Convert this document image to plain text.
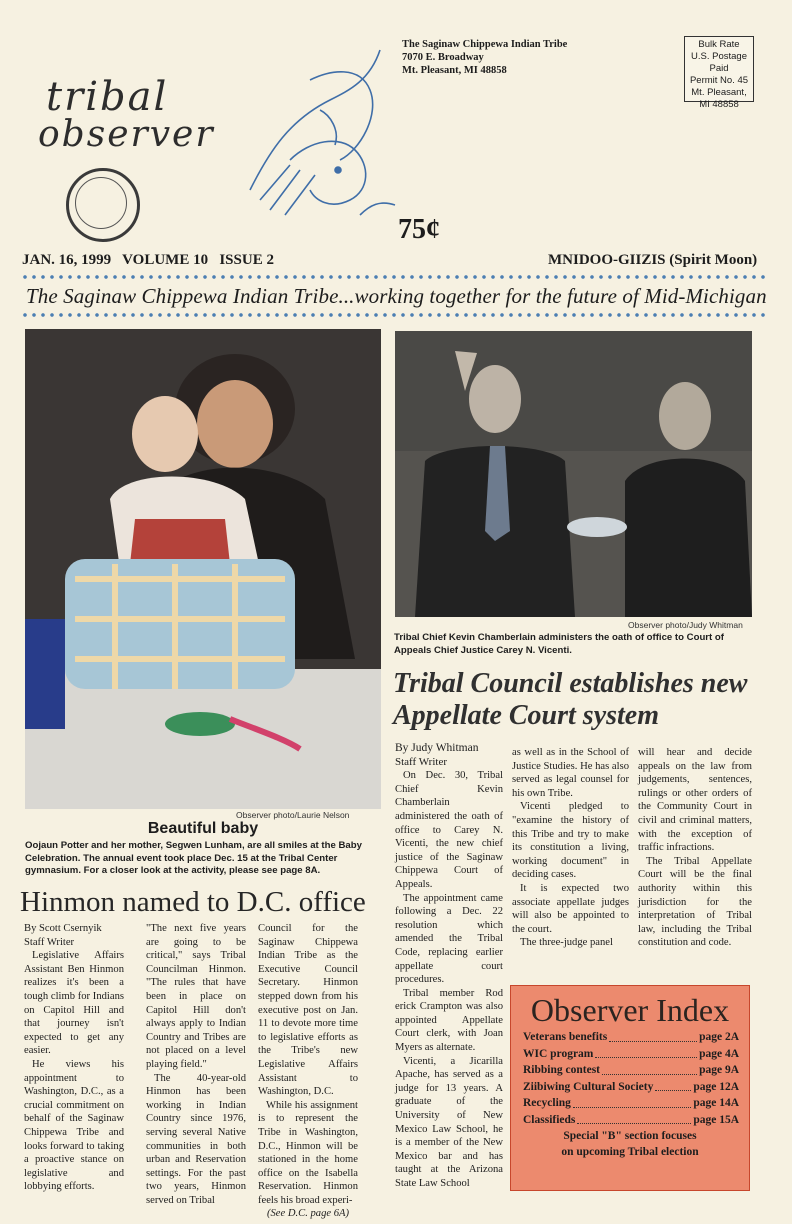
tribal
observer
The Saginaw Chippewa Indian Tribe
7070 E. Broadway
Mt. Pleasant, MI 48858
Bulk Rate
U.S. Postage
Paid
Permit No. 45
Mt. Pleasant,
MI 48858
75¢
JAN. 16, 1999   VOLUME 10   ISSUE 2	MNIDOO-GIIZIS (Spirit Moon)
The Saginaw Chippewa Indian Tribe...working together for the future of Mid-Michigan
Observer photo/Laurie Nelson
Beautiful baby
Oojaun Potter and her mother, Segwen Lunham, are all smiles at the Baby Celebration. The annual event took place Dec. 15 at the Tribal Center gymnasium. For a closer look at the activity, please see page 8A.
Observer photo/Judy Whitman
Tribal Chief Kevin Chamberlain administers the oath of office to Court of Appeals Chief Justice Carey N. Vicenti.
Tribal Council establishes new Appellate Court system

By Judy Whitman

Staff Writer

On Dec. 30, Tribal Chief Kevin Chamberlain administered the oath of office to Carey N. Vicenti, the new chief justice of the Saginaw Chippewa Court of Appeals.

The appointment came following a Dec. 22 resolution which amended the Tribal Code, replacing earlier appellate court procedures.

Tribal member Rod erick Crampton was also appointed Appellate Court clerk, with Joan Myers as alternate.

Vicenti, a Jicarilla Apache, has served as a judge for 13 years. A graduate of the University of New Mexico Law School, he is a member of the New Mexico bar and has taught at the Arizona State Law School

as well as in the School of Justice Studies. He has also served as legal counsel for his own Tribe.

Vicenti pledged to "examine the history of this Tribe and try to make its constitution a living, working document" in deciding cases.

It is expected two associate appellate judges will also be appointed to the court.

The three-judge panel

will hear and decide appeals on the law from judgements, sentences, rulings or other orders of the Community Court in civil and criminal matters, with the exception of traffic infractions.

The Tribal Appellate Court will be the final authority within this jurisdiction for the interpretation of Tribal law, including the Tribal constitution and code.

Hinmon named to D.C. office

By Scott Csernyik

Staff Writer

Legislative Affairs Assistant Ben Hinmon realizes it's been a tough climb for Indians on Capitol Hill and that journey isn't expected to get any easier.

He views his appointment to Washington, D.C., as a crucial commitment on behalf of the Saginaw Chippewa Tribe and looks forward to taking a proactive stance on legislative and lobbying efforts.

"The next five years are going to be critical," says Tribal Councilman Hinmon. "The rules that have been in place on Capitol Hill don't always apply to Indian Country and Tribes are not placed on a level playing field."

The 40-year-old Hinmon has been working in Indian Country since 1976, serving several Native communities in both urban and Reservation settings. For the past two years, Hinmon served on Tribal

Council for the Saginaw Chippewa Indian Tribe as the Executive Council Secretary. Hinmon stepped down from his executive post on Jan. 11 to devote more time to legislative efforts as the Tribe's new Legislative Affairs Assistant to Washington, D.C.

While his assignment is to represent the Tribe in Washington, D.C., Hinmon will be stationed in the home office on the Isabella Reservation. Hinmon feels his broad experi-

(See D.C. page 6A)

Observer Index
Veterans benefits	page 2A
WIC program	page 4A
Ribbing contest	page 9A
Ziibiwing Cultural Society	page 12A
Recycling	page 14A
Classifieds	page 15A
Special "B" section focuses
on upcoming Tribal election
